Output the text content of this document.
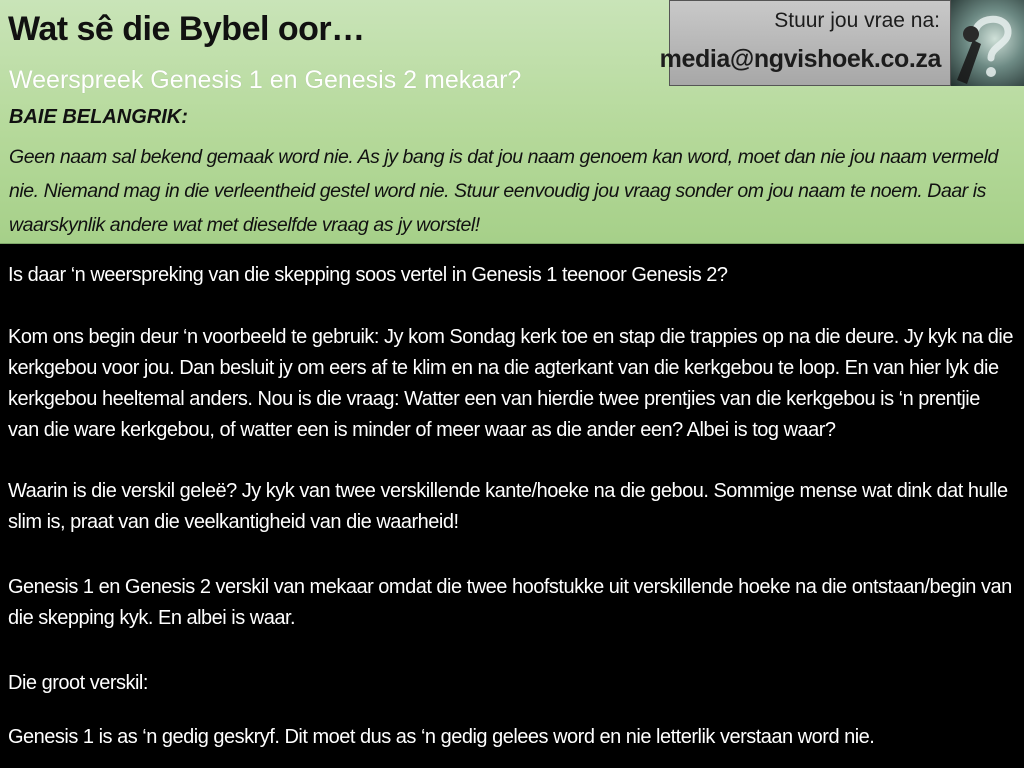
Wat sê die Bybel oor…
Weerspreek Genesis 1 en Genesis 2 mekaar?
BAIE BELANGRIK:
Geen naam sal bekend gemaak word nie. As jy bang is dat jou naam genoem kan word, moet dan nie jou naam vermeld nie. Niemand mag in die verleentheid gestel word nie. Stuur eenvoudig jou vraag sonder om jou naam te noem. Daar is waarskynlik andere wat met dieselfde vraag as jy worstel!
Stuur jou vrae na:
media@ngvishoek.co.za

Is daar ‘n weerspreking van die skepping soos vertel in Genesis 1 teenoor Genesis 2?

Kom ons begin deur ‘n voorbeeld te gebruik: Jy kom Sondag kerk toe en stap die trappies op na die deure. Jy kyk na die kerkgebou voor jou. Dan besluit jy om eers af te klim en na die agterkant van die kerkgebou te loop. En van hier lyk die kerkgebou heeltemal anders. Nou is die vraag: Watter een van hierdie twee prentjies van die kerkgebou is ‘n prentjie van die ware kerkgebou, of watter een is minder of meer waar as die ander een? Albei is tog waar?

Waarin is die verskil geleë? Jy kyk van twee verskillende kante/hoeke na die gebou. Sommige mense wat dink dat hulle slim is, praat van die veelkantigheid van die waarheid!

Genesis 1 en Genesis 2 verskil van mekaar omdat die twee hoofstukke uit verskillende hoeke na die ontstaan/begin van die skepping kyk. En albei is waar.

Die groot verskil:

Genesis 1 is as ‘n gedig geskryf. Dit moet dus as ‘n gedig gelees word en nie letterlik verstaan word nie.
